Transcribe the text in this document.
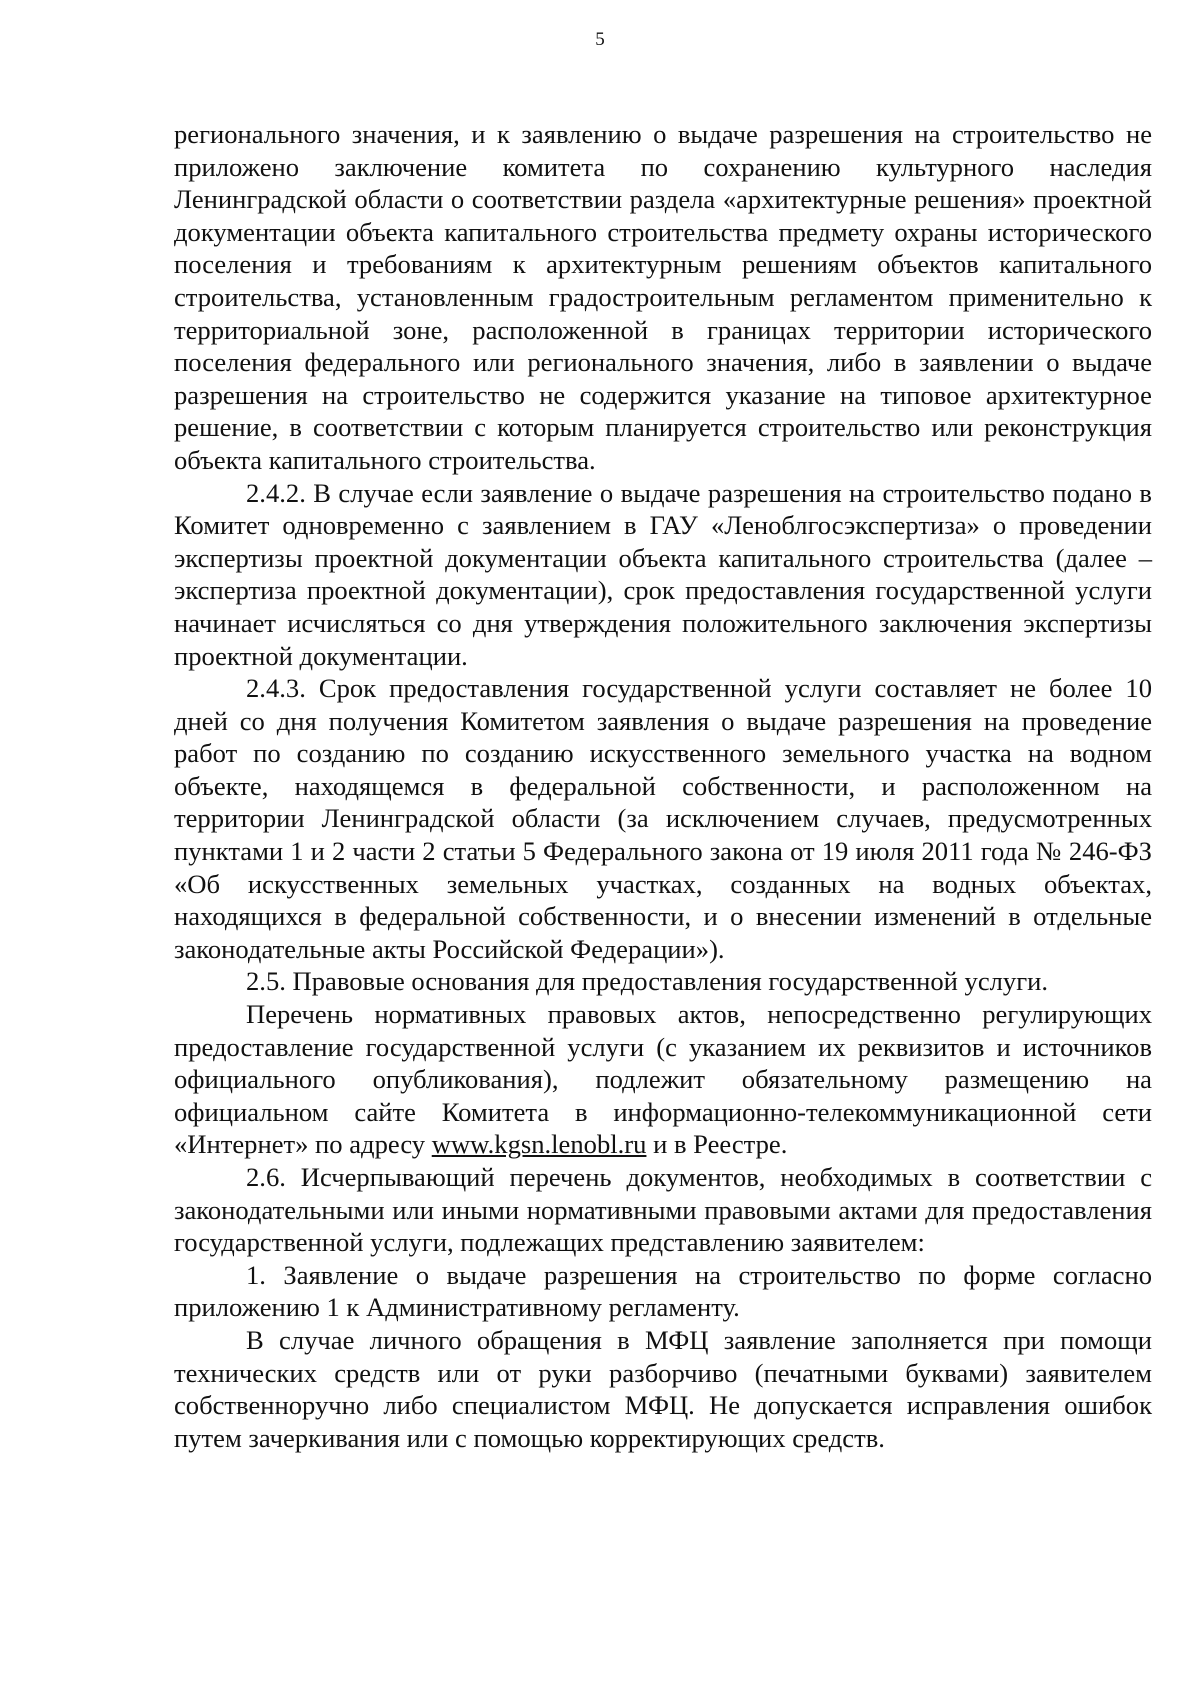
5

регионального значения, и к заявлению о выдаче разрешения на строительство не приложено заключение комитета по сохранению культурного наследия Ленинградской области о соответствии раздела «архитектурные решения» проектной документации объекта капитального строительства предмету охраны исторического поселения и требованиям к архитектурным решениям объектов капитального строительства, установленным градостроительным регламентом применительно к территориальной зоне, расположенной в границах территории исторического поселения федерального или регионального значения, либо в заявлении о выдаче разрешения на строительство не содержится указание на типовое архитектурное решение, в соответствии с которым планируется строительство или реконструкция объекта капитального строительства.

2.4.2. В случае если заявление о выдаче разрешения на строительство подано в Комитет одновременно с заявлением в ГАУ «Леноблгосэкспертиза» о проведении экспертизы проектной документации объекта капитального строительства (далее – экспертиза проектной документации), срок предоставления государственной услуги начинает исчисляться со дня утверждения положительного заключения экспертизы проектной документации.

2.4.3. Срок предоставления государственной услуги составляет не более 10 дней со дня получения Комитетом заявления о выдаче разрешения на проведение работ по созданию по созданию искусственного земельного участка на водном объекте, находящемся в федеральной собственности, и расположенном на территории Ленинградской области (за исключением случаев, предусмотренных пунктами 1 и 2 части 2 статьи 5 Федерального закона от 19 июля 2011 года № 246-ФЗ «Об искусственных земельных участках, созданных на водных объектах, находящихся в федеральной собственности, и о внесении изменений в отдельные законодательные акты Российской Федерации»).

2.5. Правовые основания для предоставления государственной услуги.

Перечень нормативных правовых актов, непосредственно регулирующих предоставление государственной услуги (с указанием их реквизитов и источников официального опубликования), подлежит обязательному размещению на официальном сайте Комитета в информационно-телекоммуникационной сети «Интернет» по адресу www.kgsn.lenobl.ru и в Реестре.

2.6. Исчерпывающий перечень документов, необходимых в соответствии с законодательными или иными нормативными правовыми актами для предоставления государственной услуги, подлежащих представлению заявителем:

1. Заявление о выдаче разрешения на строительство по форме согласно приложению 1 к Административному регламенту.

В случае личного обращения в МФЦ заявление заполняется при помощи технических средств или от руки разборчиво (печатными буквами) заявителем собственноручно либо специалистом МФЦ. Не допускается исправления ошибок путем зачеркивания или с помощью корректирующих средств.
